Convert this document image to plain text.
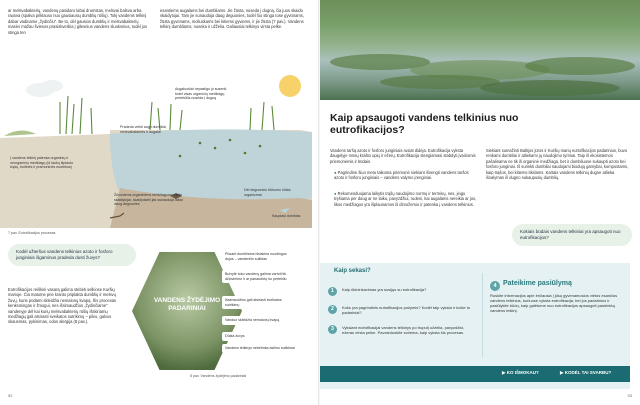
ar melsvabakterių, vandenų pasidaro labai drumstas, melsvai balsva arba rausva (spalva priklauso nuo gausiausių dumblių rūšių). Tokį vandenis telkinį dabar vadiname „žydinčiu". Be to, dėl gausios dumblių ir melsvabakterių masės mažau šviesos prasiskverbia į gilesnius vandens sluoksnius, todėl jos stinga ten
esantiems augalams bei dumbliams. Jie žūsta, nuseda į dugną, čia juos skaido skaidytojai. Tam jie sunaudoja daug deguonies, todėl šio stinga tose gyvūnams, žūsta gyvūnams, moliuskams bei kitiems gyviems, ir jie žūsta (7 pav.). Vandens telkinį dumbliams, nuseka ir užželia. Galiausiai telkinys virsta pelke.
Augaluošiai nepasiigo ju susenti, todel visas organinių medžiagų pertekliūs nusėda į dugną
Pradeda veikti augti dumbliai, melsvabakterės ir augalai
Į vandens telkinį patenka organinių ir neorganinių medžiagų (iš laukų išplauto trąšų, buitinės ir pramoninės nuotekos)
Žūvusiems organinėms medžiagoms mirtis skaidytojai, skaidydami jas sunaudoja labai daug deguonies
Dėl deguonies trūkumo žūsta organizmai
Kaupiasi dumblas
7 pav. Eutrofikacijos procesas
Kodėl užteršus vandens telkinius azoto ir fosforo junginiais išgaminus pradeda dusti žuvys?
Eutrofikacijos reiškini vasarą galima stebėti selkiose Kuršių marioje. Čia matome prie kranto priplakta dumblių ir melsvų žuvų, kurie pūdami skleidžia nemalonų kvapą. Šis procesas kenksmingas ir žmogui, nes išsimaudžius „žydinčiame" vandenyje dėl kai kurių melsvabakterių rūšių išskiriamų medžiagų gali atsirasti sveikatos sutrikimų – pilvo, galvos skausmas, pykinimas, odos alergija (8 pav.).
VANDENS ŽYDĖJIMO PADARINIAI
Pūsant dumbliams išsiskiria nuodingos dujos – vandenilio sulfidas
Bulvytė toko vandeny galima vartoti tik džiovinimo ir ar panaudotų šo pertekliu
Išsimaudžius gali atsirasti sveikatos sutrikimų
Vanduo skleidžia nemalonų kvapą
Dūsta žuvys
Vandens telkinys nebetinka asilmo sutikimai
8 pav. Vandens žydėjimo padariniai
92
Kaip apsaugoti vandens telkinius nuo eutrofikacijos?
Vandens taršą azoto ir fosforo junginiais rusiat didėja. Eutrofikacija vyksta daugelyje mūsų krašto upių ir ežerų. Eutrofikacija stengiamasi stabdyti įvairiomis priemonėmis ir būdais.
● Pagrindinė šiuo metu taikoma priemonė siekiant išvengti vandens taršos azoto ir fosforo junginiais – vandens valymo įrenginiai.
● Rekomenduojama laikytis trąšų naudojimo normų ir terminų, nes, jeigu tręšiama per daug ar ne laiku, pavyzdžiui, rudeni, kai augalams nereikia ar jos, likos medžiagos yra išplaunamos iš dirvožemio ir patenka į vandens telkinius.
Siekiant sumažinti Baltijos jūros ir Kuršių marių eutrofikacijos padarinius, buvo renkami dumbliai ir atliekami jų naudojimo tyrimai. Taip iš ekosistemos pašalinama ne tik iš organinė medžiaga, bet ir dumbliuose sukaupti azoto bei fosforo junginiai. Iš surinkti dumbliai naudojami biodujų gamybai, kompostams, kaip trąšos, bei kitiems tikslams. Kartais vandens telkinių dugne atlieka išvalymas iš dugno sukaupusių dumblių.
Kokiais būdais vandens telkiniai yra apsaugoti nuo eutrofikacijos?
Kaip sekasi?
1	Kaip ūkininkavimas yra susijęs su eutrofikacija?
2	Koks yra pagrindinis eutrofikacijos požymis? Kodėl taip vyksta ir kokie to padariniai?
3	Vykslant eutrofikacijai vandens telkinys po truputį užželia, pavyzdžiui, ežeras virsta pelke. Pavaizduokite schema, kaip vyksta šis procesas.
4 Pateikime pasiūlymą
Ruskite informacijos apie ėrčlausia į jūsų gyvenamosios vietos esančius vandens telkinius, kuriuose vyksta eutrofikacija, bei jos padarinius ir pasiūlykite būdų, kaip galėtume nuo eutrofikacijos apsaugoti pasirinktą vandens telkinį.
▶ KO IŠMOKAU?	▶ KODĖL TAI SVARBU?
93
